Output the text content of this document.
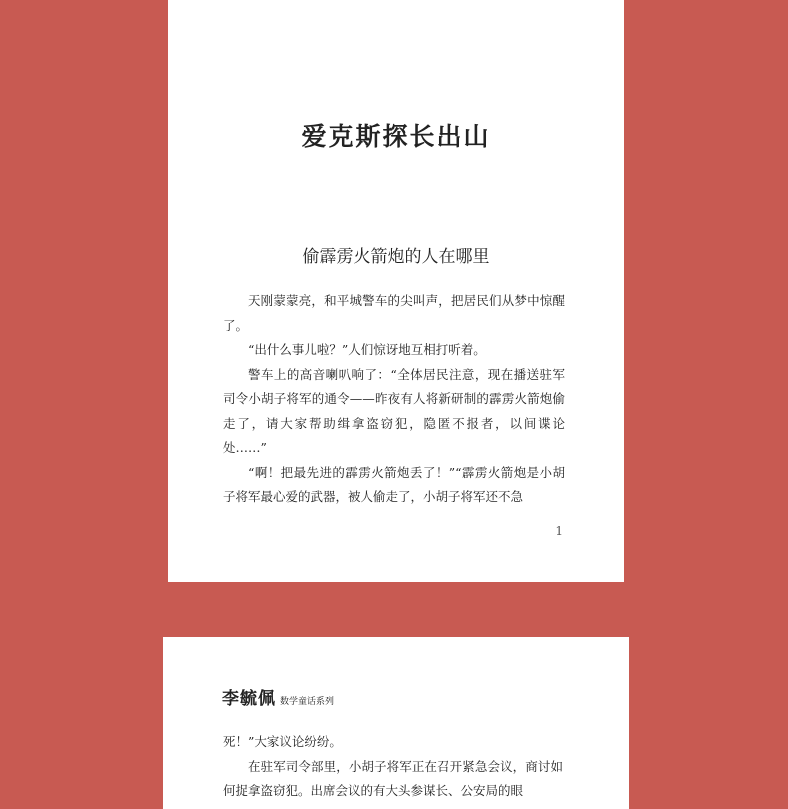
爱克斯探长出山
偷霹雳火箭炮的人在哪里

天刚蒙蒙亮，和平城警车的尖叫声，把居民们从梦中惊醒了。

“出什么事儿啦？”人们惊讶地互相打听着。

警车上的高音喇叭响了：“全体居民注意，现在播送驻军司令小胡子将军的通令——昨夜有人将新研制的霹雳火箭炮偷走了，请大家帮助缉拿盗窃犯，隐匿不报者，以间谍论处……”

“啊！把最先进的霹雳火箭炮丢了！”“霹雳火箭炮是小胡子将军最心爱的武器，被人偷走了，小胡子将军还不急

1
李毓佩 数学童话系列

死！”大家议论纷纷。

在驻军司令部里，小胡子将军正在召开紧急会议，商讨如何捉拿盗窃犯。出席会议的有大头参谋长、公安局的眼
